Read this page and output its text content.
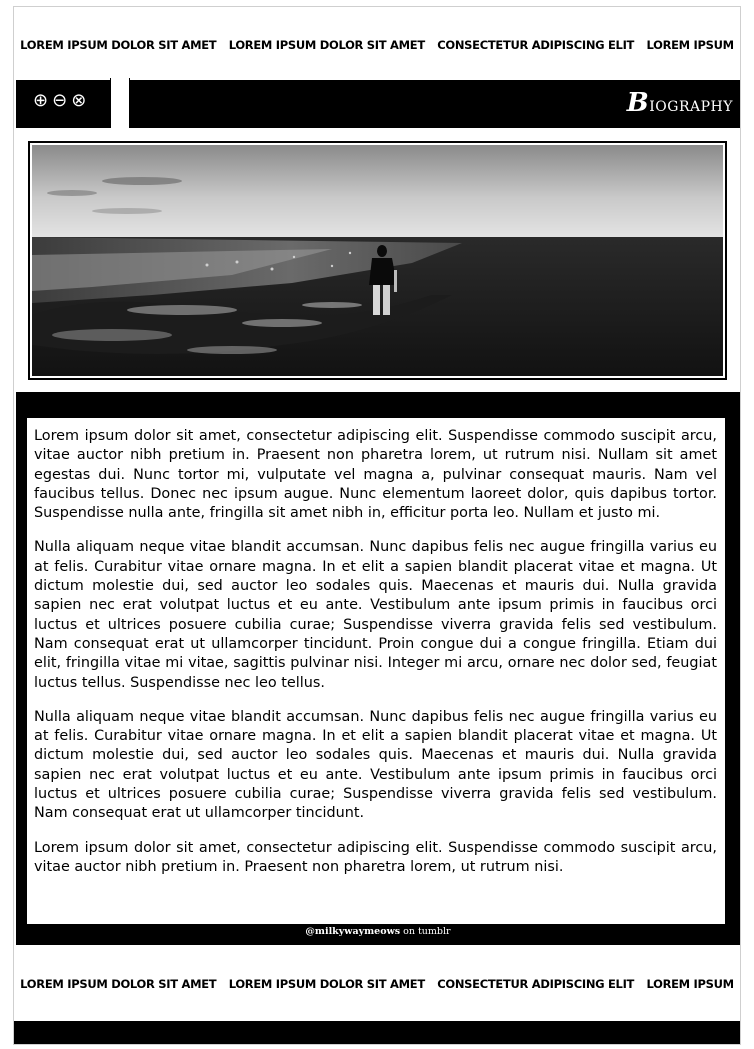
LOREM IPSUM DOLOR SIT AMET LOREM IPSUM DOLOR SIT AMET CONSECTETUR ADIPISCING ELIT LOREM IPSUM
⊕ ⊖ ⊗	Biography

Lorem ipsum dolor sit amet, consectetur adipiscing elit. Suspendisse commodo suscipit arcu, vitae auctor nibh pretium in. Praesent non pharetra lorem, ut rutrum nisi. Nullam sit amet egestas dui. Nunc tortor mi, vulputate vel magna a, pulvinar consequat mauris. Nam vel faucibus tellus. Donec nec ipsum augue. Nunc elementum laoreet dolor, quis dapibus tortor. Suspendisse nulla ante, fringilla sit amet nibh in, efficitur porta leo. Nullam et justo mi.

Nulla aliquam neque vitae blandit accumsan. Nunc dapibus felis nec augue fringilla varius eu at felis. Curabitur vitae ornare magna. In et elit a sapien blandit placerat vitae et magna. Ut dictum molestie dui, sed auctor leo sodales quis. Maecenas et mauris dui. Nulla gravida sapien nec erat volutpat luctus et eu ante. Vestibulum ante ipsum primis in faucibus orci luctus et ultrices posuere cubilia curae; Suspendisse viverra gravida felis sed vestibulum. Nam consequat erat ut ullamcorper tincidunt. Proin congue dui a congue fringilla. Etiam dui elit, fringilla vitae mi vitae, sagittis pulvinar nisi. Integer mi arcu, ornare nec dolor sed, feugiat luctus tellus. Suspendisse nec leo tellus.

Nulla aliquam neque vitae blandit accumsan. Nunc dapibus felis nec augue fringilla varius eu at felis. Curabitur vitae ornare magna. In et elit a sapien blandit placerat vitae et magna. Ut dictum molestie dui, sed auctor leo sodales quis. Maecenas et mauris dui. Nulla gravida sapien nec erat volutpat luctus et eu ante. Vestibulum ante ipsum primis in faucibus orci luctus et ultrices posuere cubilia curae; Suspendisse viverra gravida felis sed vestibulum. Nam consequat erat ut ullamcorper tincidunt.

Lorem ipsum dolor sit amet, consectetur adipiscing elit. Suspendisse commodo suscipit arcu, vitae auctor nibh pretium in. Praesent non pharetra lorem, ut rutrum nisi.

@milkywaymeows on tumblr
LOREM IPSUM DOLOR SIT AMET LOREM IPSUM DOLOR SIT AMET CONSECTETUR ADIPISCING ELIT LOREM IPSUM
